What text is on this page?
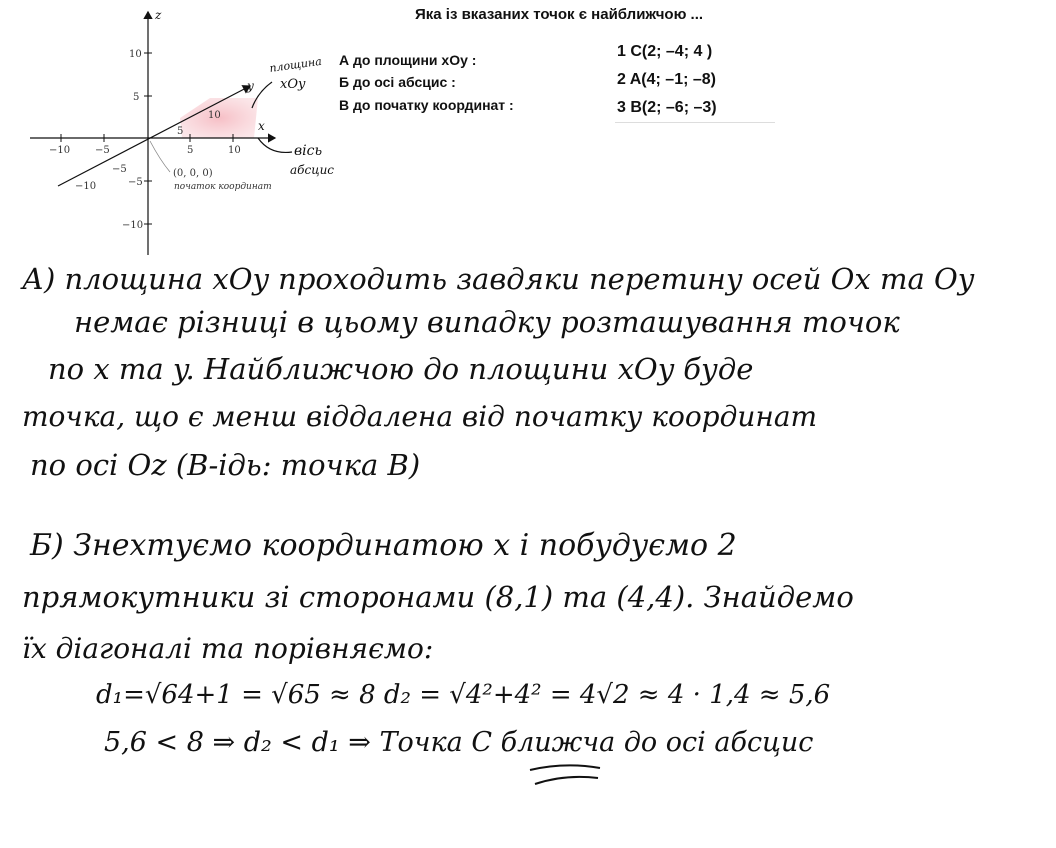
Яка із вказаних точок є найближчою ...
А до площини xOy :
Б до осі абсцис :
В до початку координат :
1 C(2; –4; 4 )
2 A(4; –1; –8)
3 B(2; –6; –3)
10
5
−5
−10
−10 −5	5	10
5
10
−5
−10
z
x
y
(0, 0, 0)
початок координат
площина
xOy
вісь
абсцис
А) площина xOy проходить завдяки перетину осей Ox та Oy
немає різниці в цьому випадку розташування точок
по x та y. Найближчою до площини xOy буде
точка, що є менш віддалена від початку координат
по осі Oz (В-ідь: точка В)
Б) Знехтуємо координатою x і побудуємо 2
прямокутники зі сторонами (8,1) та (4,4). Знайдемо
їх діагоналі та порівняємо:
d₁=√64+1 = √65 ≈ 8 d₂ = √4²+4² = 4√2 ≈ 4 · 1,4 ≈ 5,6
5,6 < 8 ⇒ d₂ < d₁ ⇒ Точка С ближча до осі абсцис
